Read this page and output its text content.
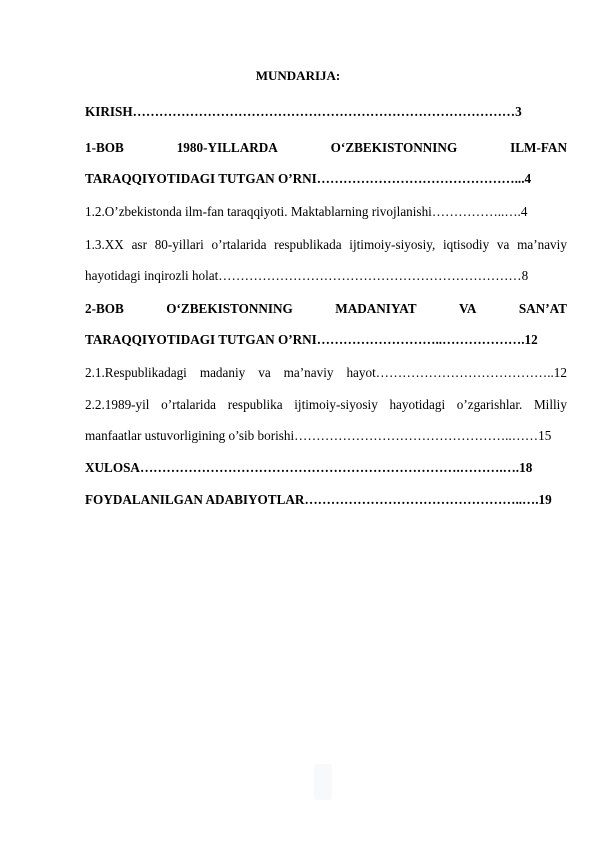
MUNDARIJA:
KIRISH……………………………………………………………………………3
1-BOB	1980-YILLARDA	O‘ZBEKISTONNING	ILM-FAN
TARAQQIYOTIDAGI TUTGAN O’RNI………………………………………...4
1.2.O’zbekistonda ilm-fan taraqqiyoti. Maktablarning rivojlanishi……………..….4
1.3.XX asr 80-yillari o’rtalarida respublikada ijtimoiy-siyosiy, iqtisodiy va ma’naviy
hayotidagi inqirozli holat……………………………………………………………8
2-BOB	O‘ZBEKISTONNING	MADANIYAT	VA	SAN’AT
TARAQQIYOTIDAGI TUTGAN O’RNI………………………..……………….12
2.1.Respublikadagi madaniy va ma’naviy hayot…………………………………..12
2.2.1989-yil o’rtalarida respublika ijtimoiy-siyosiy hayotidagi o’zgarishlar. Milliy
manfaatlar ustuvorligining o’sib borishi…………………………………………..……15
XULOSA……………………………………………………………….……….….18
FOYDALANILGAN ADABIYOTLAR…………………………………………..….19
